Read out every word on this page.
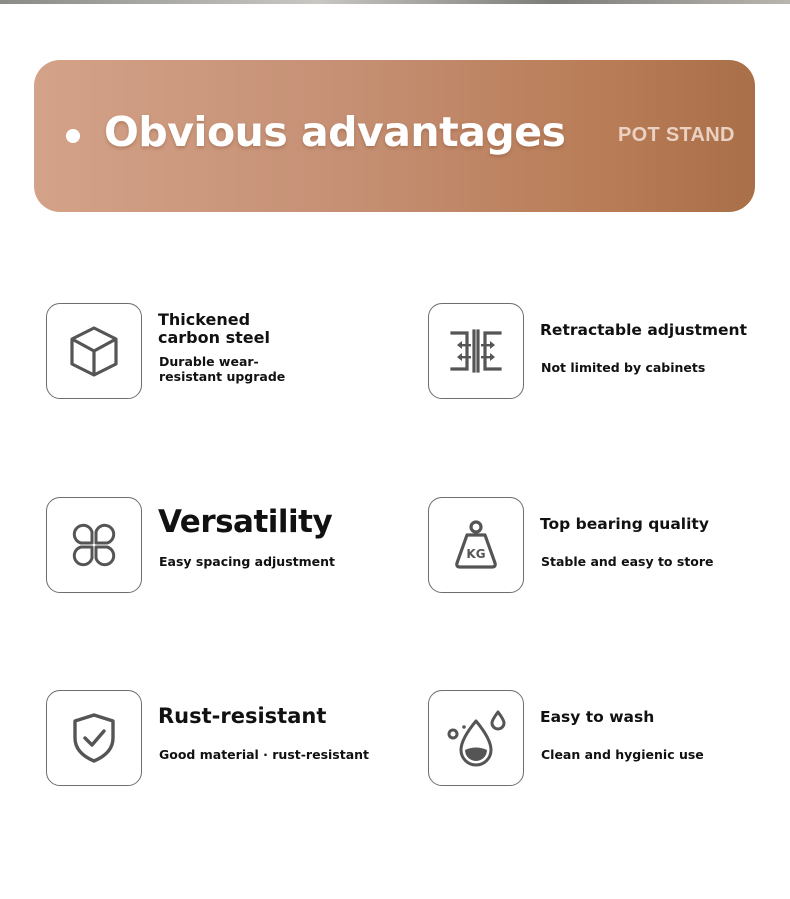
Obvious advantages	POT STAND
Thickened
carbon steel
Durable wear-resistant upgrade
Retractable adjustment
Not limited by cabinets
Versatility
Easy spacing adjustment	KG
Top bearing quality
Stable and easy to store
Rust-resistant
Good material · rust-resistant
Easy to wash
Clean and hygienic use
